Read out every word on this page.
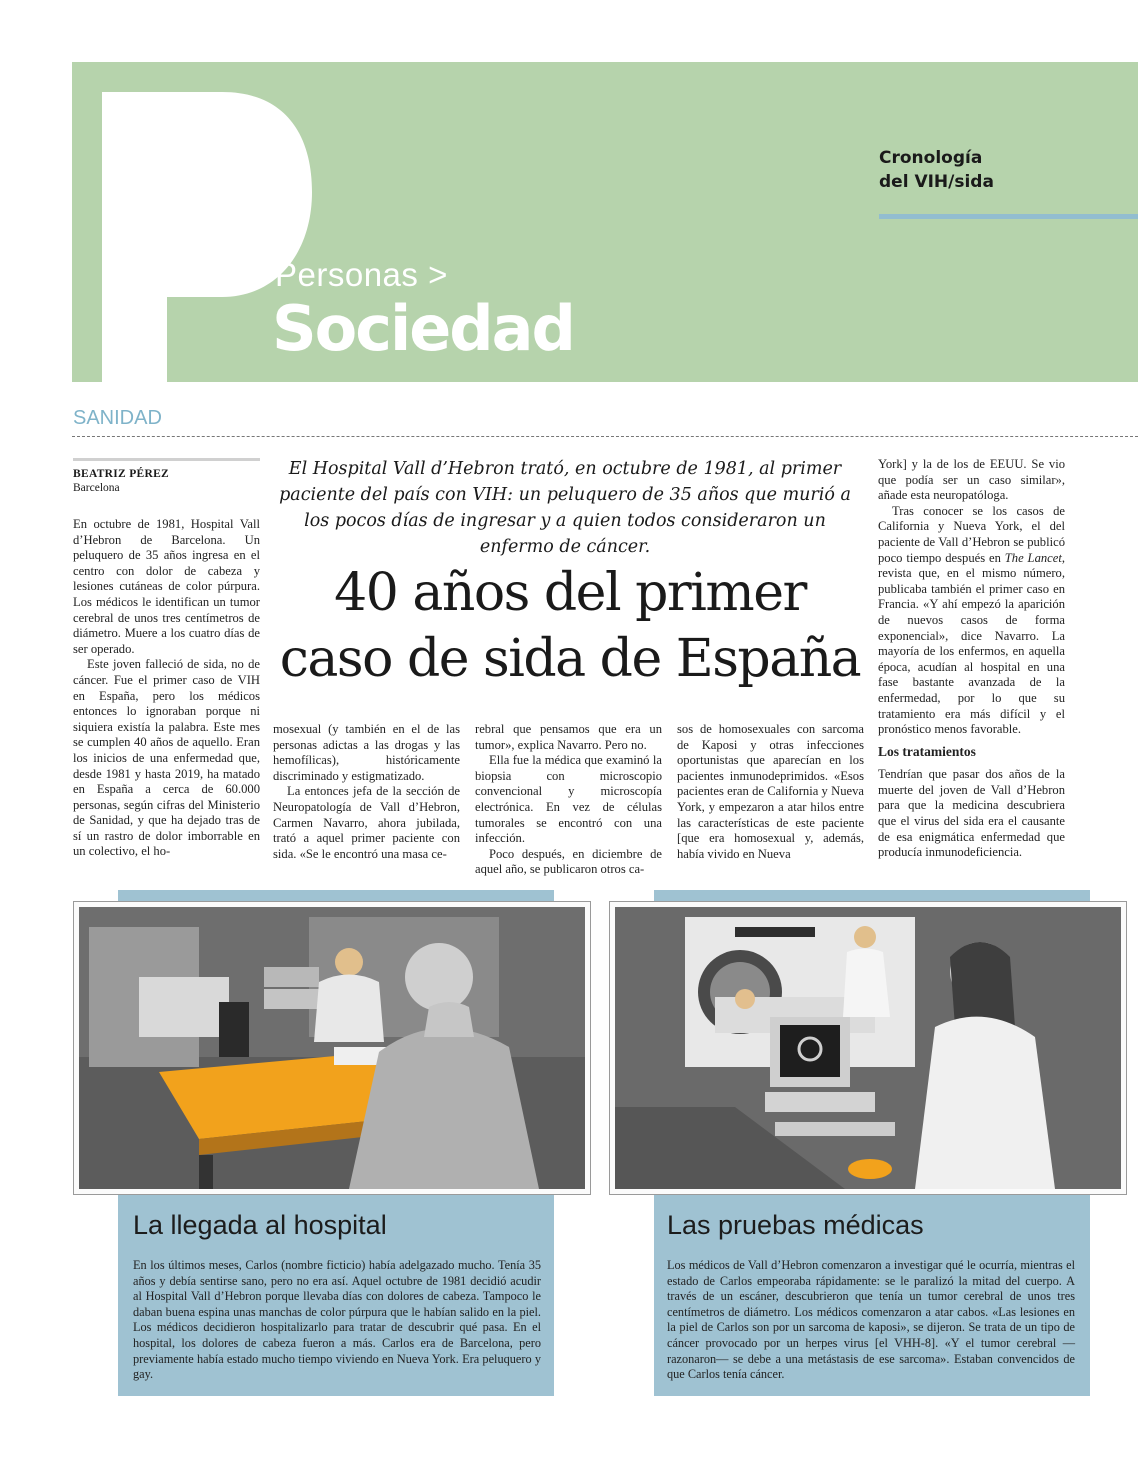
Personas >
Sociedad
Cronología
del VIH/sida
SANIDAD
BEATRIZ PÉREZ
Barcelona

En octubre de 1981, Hospital Vall d’Hebron de Barcelona. Un peluquero de 35 años ingresa en el centro con dolor de cabeza y lesiones cutáneas de color púrpura. Los médicos le identifican un tumor cerebral de unos tres centímetros de diámetro. Muere a los cuatro días de ser operado.

Este joven falleció de sida, no de cáncer. Fue el primer caso de VIH en España, pero los médicos entonces lo ignoraban porque ni siquiera existía la palabra. Este mes se cumplen 40 años de aquello. Eran los inicios de una enfermedad que, desde 1981 y hasta 2019, ha matado en España a cerca de 60.000 personas, según cifras del Ministerio de Sanidad, y que ha dejado tras de sí un rastro de dolor imborrable en un colectivo, el ho-

El Hospital Vall d’Hebron trató, en octubre de 1981, al primer paciente del país con VIH: un peluquero de 35 años que murió a los pocos días de ingresar y a quien todos consideraron un enfermo de cáncer.
40 años del primer
caso de sida de España

mosexual (y también en el de las personas adictas a las drogas y las hemofílicas), históricamente discriminado y estigmatizado.

La entonces jefa de la sección de Neuropatología de Vall d’Hebron, Carmen Navarro, ahora jubilada, trató a aquel primer paciente con sida. «Se le encontró una masa ce-

rebral que pensamos que era un tumor», explica Navarro. Pero no.

Ella fue la médica que examinó la biopsia con microscopio convencional y microscopía electrónica. En vez de células tumorales se encontró con una infección.

Poco después, en diciembre de aquel año, se publicaron otros ca-

sos de homosexuales con sarcoma de Kaposi y otras infecciones oportunistas que aparecían en los pacientes inmunodeprimidos. «Esos pacientes eran de California y Nueva York, y empezaron a atar hilos entre las características de este paciente [que era homosexual y, además, había vivido en Nueva

York] y la de los de EEUU. Se vio que podía ser un caso similar», añade esta neuropatóloga.

Tras conocer se los casos de California y Nueva York, el del paciente de Vall d’Hebron se publicó poco tiempo después en The Lancet, revista que, en el mismo número, publicaba también el primer caso en Francia. «Y ahí empezó la aparición de nuevos casos de forma exponencial», dice Navarro. La mayoría de los enfermos, en aquella época, acudían al hospital en una fase bastante avanzada de la enfermedad, por lo que su tratamiento era más difícil y el pronóstico menos favorable.

Los tratamientos

Tendrían que pasar dos años de la muerte del joven de Vall d’Hebron para que la medicina descubriera que el virus del sida era el causante de esa enigmática enfermedad que producía inmunodeficiencia.

La llegada al hospital
En los últimos meses, Carlos (nombre ficticio) había adelgazado mucho. Tenía 35 años y debía sentirse sano, pero no era así. Aquel octubre de 1981 decidió acudir al Hospital Vall d’Hebron porque llevaba días con dolores de cabeza. Tampoco le daban buena espina unas manchas de color púrpura que le habían salido en la piel. Los médicos decidieron hospitalizarlo para tratar de descubrir qué pasa. En el hospital, los dolores de cabeza fueron a más. Carlos era de Barcelona, pero previamente había estado mucho tiempo viviendo en Nueva York. Era peluquero y gay.
Las pruebas médicas
Los médicos de Vall d’Hebron comenzaron a investigar qué le ocurría, mientras el estado de Carlos empeoraba rápidamente: se le paralizó la mitad del cuerpo. A través de un escáner, descubrieron que tenía un tumor cerebral de unos tres centímetros de diámetro. Los médicos comenzaron a atar cabos. «Las lesiones en la piel de Carlos son por un sarcoma de kaposi», se dijeron. Se trata de un tipo de cáncer provocado por un herpes virus [el VHH-8]. «Y el tumor cerebral —razonaron— se debe a una metástasis de ese sarcoma». Estaban convencidos de que Carlos tenía cáncer.
